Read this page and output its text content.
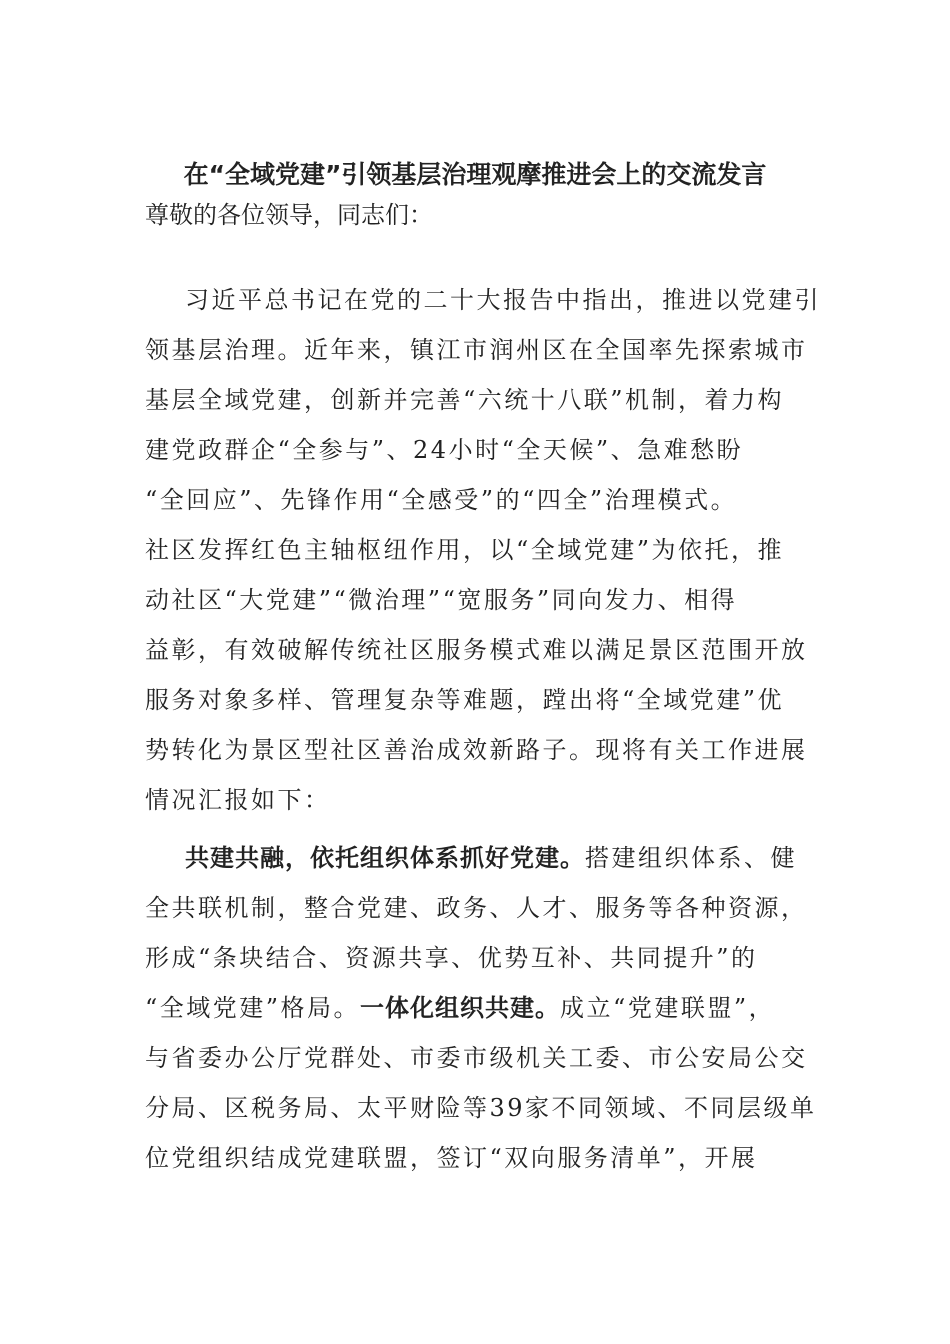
在“全域党建”引领基层治理观摩推进会上的交流发言

尊敬的各位领导，同志们：

习近平总书记在党的二十大报告中指出，推进以党建引
领基层治理。近年来，镇江市润州区在全国率先探索城市
基层全域党建，创新并完善“六统十八联”机制，着力构
建党政群企“全参与”、24小时“全天候”、急难愁盼
“全回应”、先锋作用“全感受”的“四全”治理模式。
社区发挥红色主轴枢纽作用，以“全域党建”为依托，推
动社区“大党建”“微治理”“宽服务”同向发力、相得
益彰，有效破解传统社区服务模式难以满足景区范围开放
服务对象多样、管理复杂等难题，蹚出将“全域党建”优
势转化为景区型社区善治成效新路子。现将有关工作进展
情况汇报如下：
共建共融，依托组织体系抓好党建。搭建组织体系、健
全共联机制，整合党建、政务、人才、服务等各种资源，
形成“条块结合、资源共享、优势互补、共同提升”的
“全域党建”格局。一体化组织共建。成立“党建联盟”，
与省委办公厅党群处、市委市级机关工委、市公安局公交
分局、区税务局、太平财险等39家不同领域、不同层级单
位党组织结成党建联盟，签订“双向服务清单”，开展
